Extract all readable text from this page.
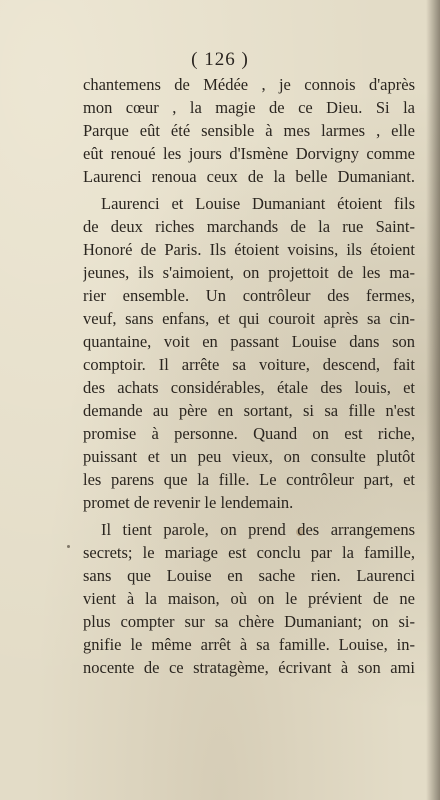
( 126 )
chantemens de Médée , je connois d'après
mon cœur , la magie de ce Dieu. Si la
Parque eût été sensible à mes larmes , elle
eût renoué les jours d'Ismène Dorvigny comme
Laurenci renoua ceux de la belle Dumaniant.
Laurenci et Louise Dumaniant étoient fils
de deux riches marchands de la rue Saint-
Honoré de Paris. Ils étoient voisins, ils étoient
jeunes, ils s'aimoient, on projettoit de les ma-
rier ensemble. Un contrôleur des fermes,
veuf, sans enfans, et qui couroit après sa cin-
quantaine, voit en passant Louise dans son
comptoir. Il arrête sa voiture, descend, fait
des achats considérables, étale des louis, et
demande au père en sortant, si sa fille n'est
promise à personne. Quand on est riche,
puissant et un peu vieux, on consulte plutôt
les parens que la fille. Le contrôleur part, et
promet de revenir le lendemain.
Il tient parole, on prend des arrangemens
secrets; le mariage est conclu par la famille,
sans que Louise en sache rien. Laurenci
vient à la maison, où on le prévient de ne
plus compter sur sa chère Dumaniant; on si-
gnifie le même arrêt à sa famille. Louise, in-
nocente de ce stratagème, écrivant à son ami
